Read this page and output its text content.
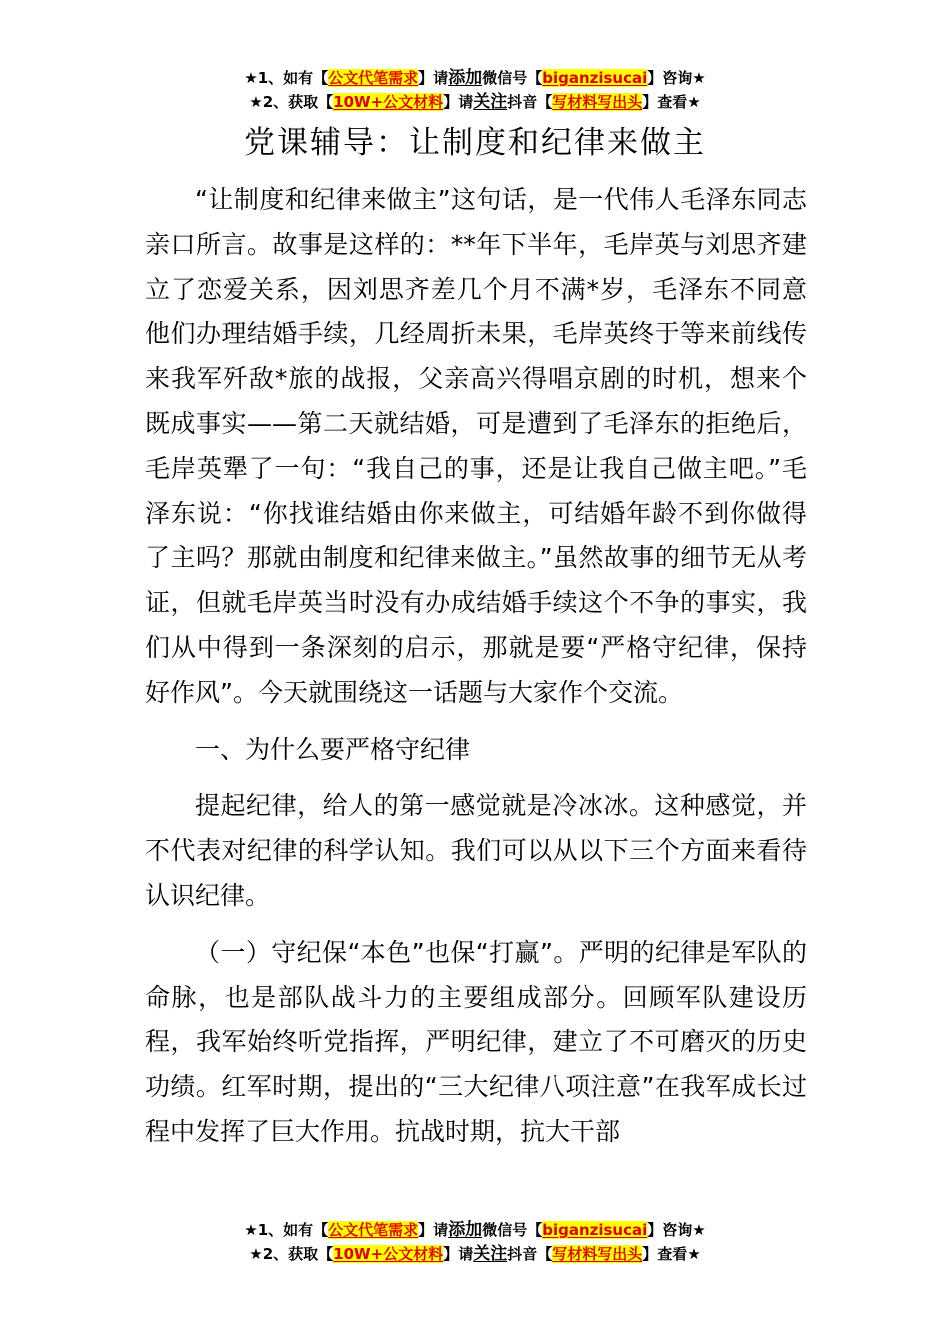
★1、如有【公文代笔需求】请添加微信号【biganzisucai】咨询★
★2、获取【10W+公文材料】请关注抖音【写材料写出头】查看★
党课辅导：让制度和纪律来做主

“让制度和纪律来做主”这句话，是一代伟人毛泽东同志亲口所言。故事是这样的：**年下半年，毛岸英与刘思齐建立了恋爱关系，因刘思齐差几个月不满*岁，毛泽东不同意他们办理结婚手续，几经周折未果，毛岸英终于等来前线传来我军歼敌*旅的战报，父亲高兴得唱京剧的时机，想来个既成事实——第二天就结婚，可是遭到了毛泽东的拒绝后，毛岸英犟了一句：“我自己的事，还是让我自己做主吧。”毛泽东说：“你找谁结婚由你来做主，可结婚年龄不到你做得了主吗？那就由制度和纪律来做主。”虽然故事的细节无从考证，但就毛岸英当时没有办成结婚手续这个不争的事实，我们从中得到一条深刻的启示，那就是要“严格守纪律，保持好作风”。今天就围绕这一话题与大家作个交流。

一、为什么要严格守纪律

提起纪律，给人的第一感觉就是冷冰冰。这种感觉，并不代表对纪律的科学认知。我们可以从以下三个方面来看待认识纪律。

（一）守纪保“本色”也保“打赢”。严明的纪律是军队的命脉，也是部队战斗力的主要组成部分。回顾军队建设历程，我军始终听党指挥，严明纪律，建立了不可磨灭的历史功绩。红军时期，提出的“三大纪律八项注意”在我军成长过程中发挥了巨大作用。抗战时期，抗大干部

★1、如有【公文代笔需求】请添加微信号【biganzisucai】咨询★
★2、获取【10W+公文材料】请关注抖音【写材料写出头】查看★
